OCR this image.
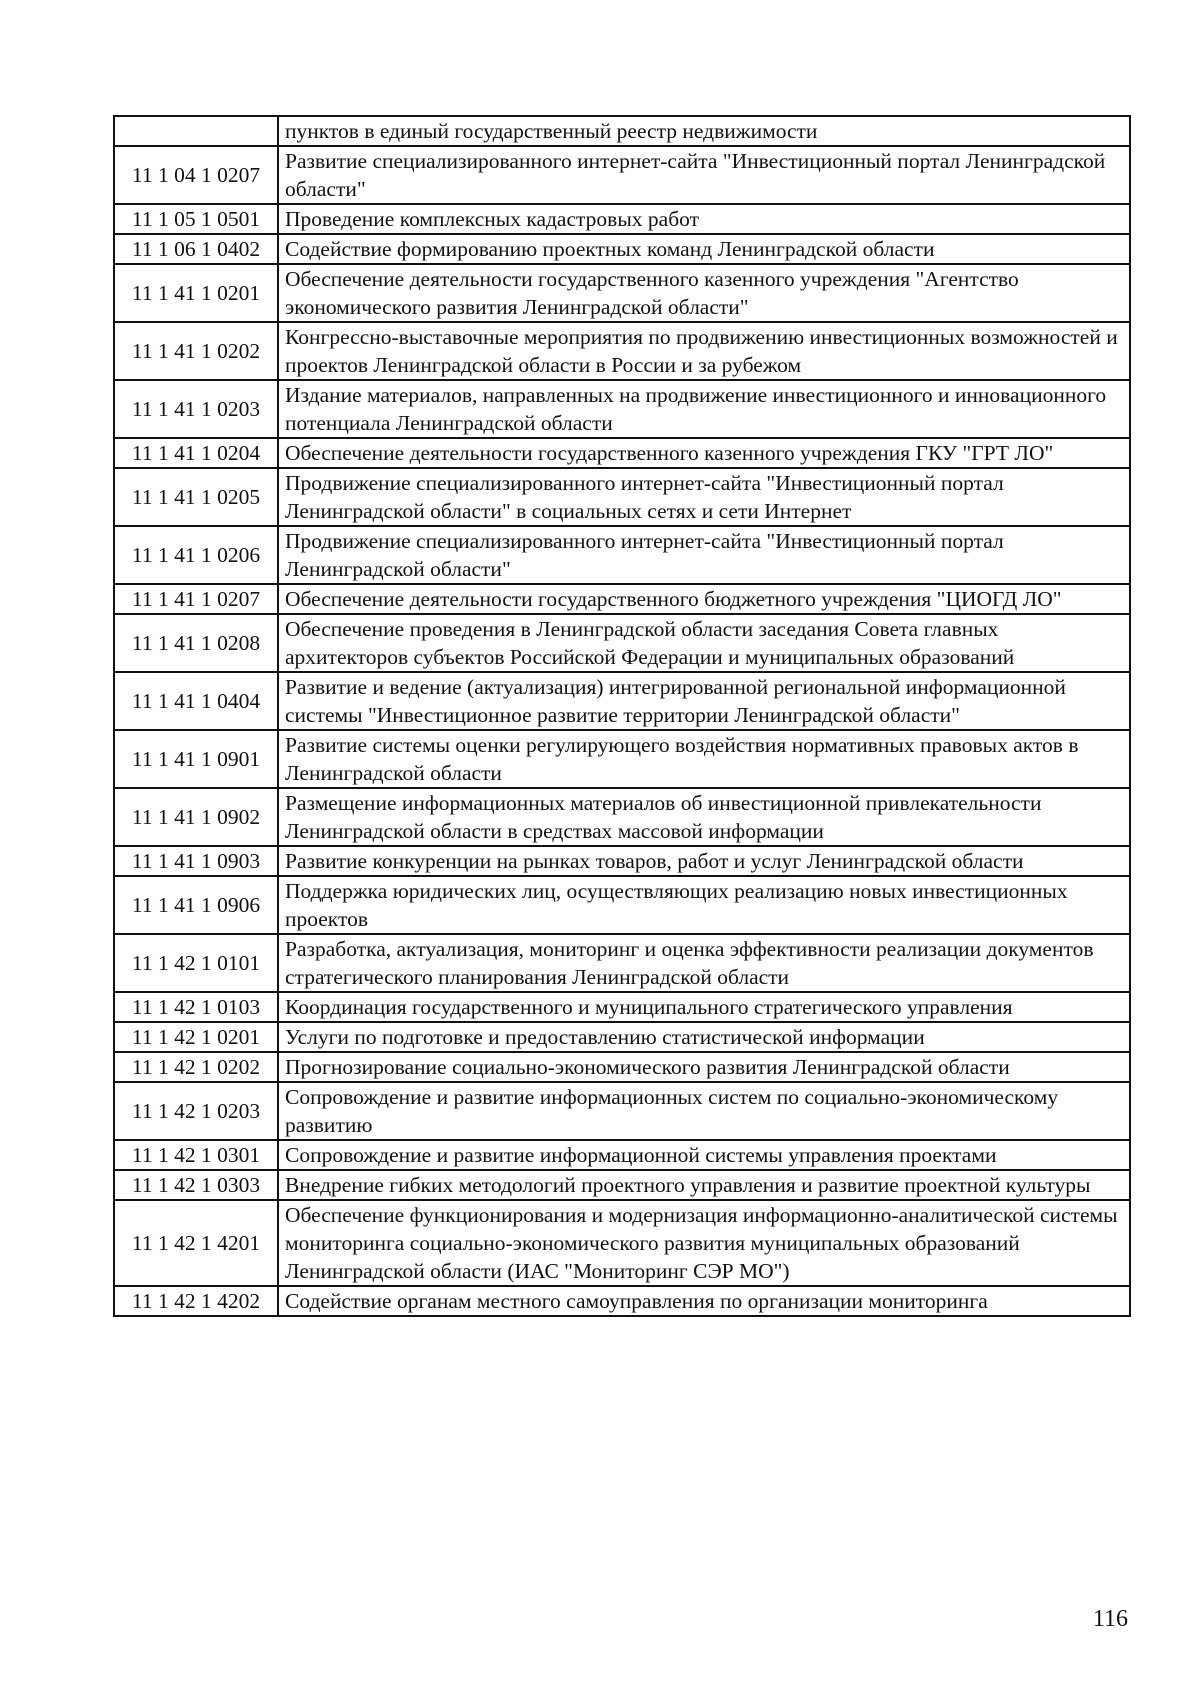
	пунктов в единый государственный реестр недвижимости
11 1 04 1 0207	Развитие специализированного интернет-сайта "Инвестиционный портал Ленинградской области"
11 1 05 1 0501	Проведение комплексных кадастровых работ
11 1 06 1 0402	Содействие формированию проектных команд Ленинградской области
11 1 41 1 0201	Обеспечение деятельности государственного казенного учреждения "Агентство экономического развития Ленинградской области"
11 1 41 1 0202	Конгрессно-выставочные мероприятия по продвижению инвестиционных возможностей и проектов Ленинградской области в России и за рубежом
11 1 41 1 0203	Издание материалов, направленных на продвижение инвестиционного и инновационного потенциала Ленинградской области
11 1 41 1 0204	Обеспечение деятельности государственного казенного учреждения ГКУ "ГРТ ЛО"
11 1 41 1 0205	Продвижение специализированного интернет-сайта "Инвестиционный портал Ленинградской области" в социальных сетях и сети Интернет
11 1 41 1 0206	Продвижение специализированного интернет-сайта "Инвестиционный портал Ленинградской области"
11 1 41 1 0207	Обеспечение деятельности государственного бюджетного учреждения "ЦИОГД ЛО"
11 1 41 1 0208	Обеспечение проведения в Ленинградской области заседания Совета главных архитекторов субъектов Российской Федерации и муниципальных образований
11 1 41 1 0404	Развитие и ведение (актуализация) интегрированной региональной информационной системы "Инвестиционное развитие территории Ленинградской области"
11 1 41 1 0901	Развитие системы оценки регулирующего воздействия нормативных правовых актов в Ленинградской области
11 1 41 1 0902	Размещение информационных материалов об инвестиционной привлекательности Ленинградской области в средствах массовой информации
11 1 41 1 0903	Развитие конкуренции на рынках товаров, работ и услуг Ленинградской области
11 1 41 1 0906	Поддержка юридических лиц, осуществляющих реализацию новых инвестиционных проектов
11 1 42 1 0101	Разработка, актуализация, мониторинг и оценка эффективности реализации документов стратегического планирования Ленинградской области
11 1 42 1 0103	Координация государственного и муниципального стратегического управления
11 1 42 1 0201	Услуги по подготовке и предоставлению статистической информации
11 1 42 1 0202	Прогнозирование социально-экономического развития Ленинградской области
11 1 42 1 0203	Сопровождение и развитие информационных систем по социально-экономическому развитию
11 1 42 1 0301	Сопровождение и развитие информационной системы управления проектами
11 1 42 1 0303	Внедрение гибких методологий проектного управления и развитие проектной культуры
11 1 42 1 4201	Обеспечение функционирования и модернизация информационно-аналитической системы мониторинга социально-экономического развития муниципальных образований Ленинградской области (ИАС "Мониторинг СЭР МО")
11 1 42 1 4202	Содействие органам местного самоуправления по организации мониторинга
116
